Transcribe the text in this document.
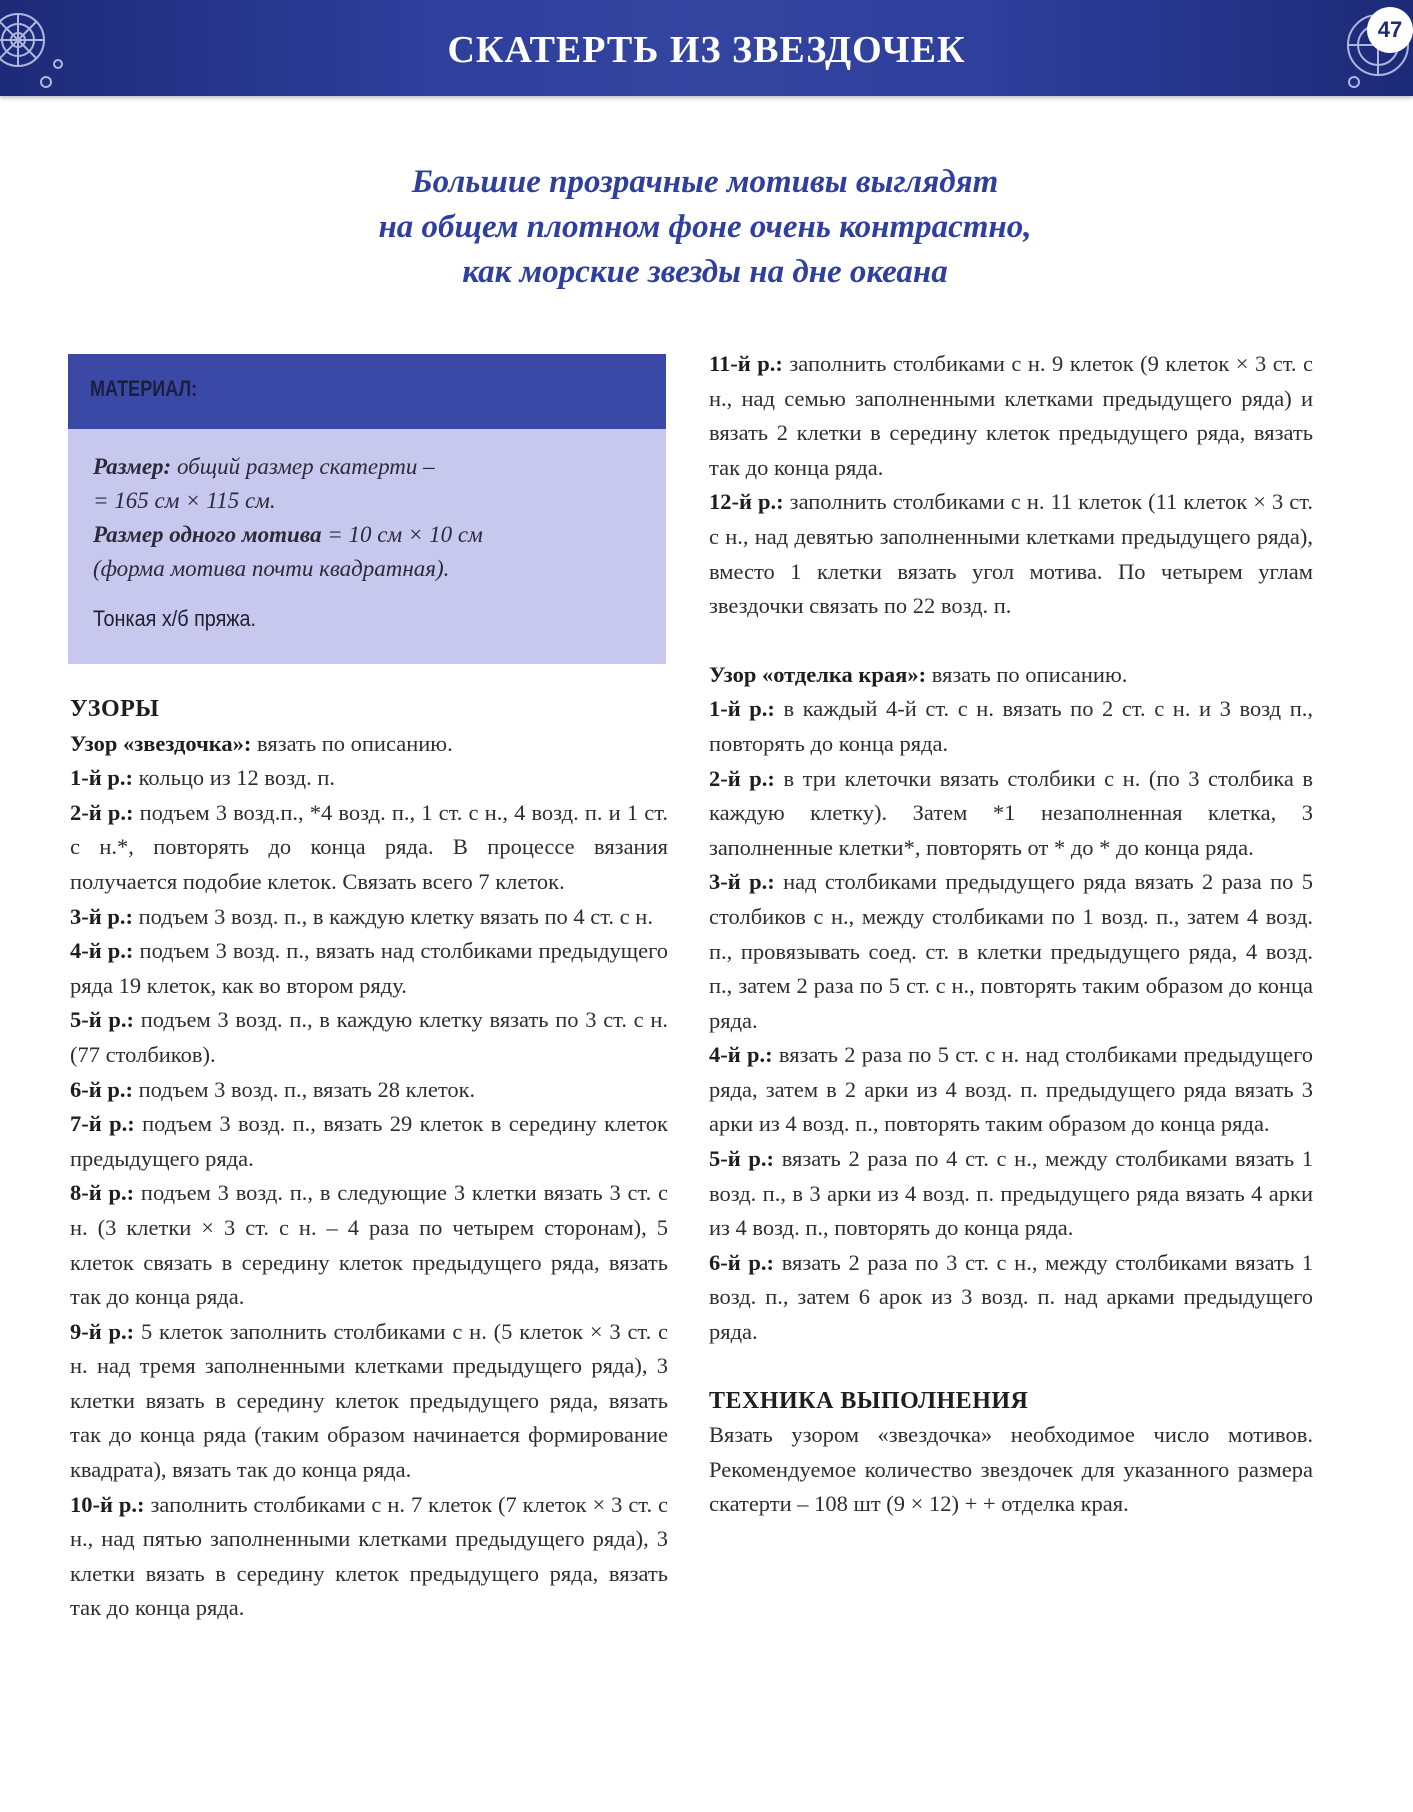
СКАТЕРТЬ ИЗ ЗВЕЗДОЧЕК	47
Большие прозрачные мотивы выглядят
на общем плотном фоне очень контрастно,
как морские звезды на дне океана
МАТЕРИАЛ:
Размер: общий размер скатерти –
= 165 см × 115 см.
Размер одного мотива = 10 см × 10 см
(форма мотива почти квадратная).
Тонкая х/б пряжа.

УЗОРЫ

Узор «звездочка»: вязать по описанию.

1-й р.: кольцо из 12 возд. п.

2-й р.: подъем 3 возд.п., *4 возд. п., 1 ст. с н., 4 возд. п. и 1 ст. с н.*, повторять до конца ряда. В процессе вязания получается подобие клеток. Связать всего 7 клеток.

3-й р.: подъем 3 возд. п., в каждую клетку вязать по 4 ст. с н.

4-й р.: подъем 3 возд. п., вязать над столбиками предыдущего ряда 19 клеток, как во втором ряду.

5-й р.: подъем 3 возд. п., в каждую клетку вязать по 3 ст. с н. (77 столбиков).

6-й р.: подъем 3 возд. п., вязать 28 клеток.

7-й р.: подъем 3 возд. п., вязать 29 клеток в середину клеток предыдущего ряда.

8-й р.: подъем 3 возд. п., в следующие 3 клетки вязать 3 ст. с н. (3 клетки × 3 ст. с н. – 4 раза по четырем сторонам), 5 клеток связать в середину клеток предыдущего ряда, вязать так до конца ряда.

9-й р.: 5 клеток заполнить столбиками с н. (5 клеток × 3 ст. с н. над тремя заполненными клетками предыдущего ряда), 3 клетки вязать в середину клеток предыдущего ряда, вязать так до конца ряда (таким образом начинается формирование квадрата), вязать так до конца ряда.

10-й р.: заполнить столбиками с н. 7 клеток (7 клеток × 3 ст. с н., над пятью заполненными клетками предыдущего ряда), 3 клетки вязать в середину клеток предыдущего ряда, вязать так до конца ряда.

11-й р.: заполнить столбиками с н. 9 клеток (9 клеток × 3 ст. с н., над семью заполненными клетками предыдущего ряда) и вязать 2 клетки в середину клеток предыдущего ряда, вязать так до конца ряда.

12-й р.: заполнить столбиками с н. 11 клеток (11 клеток × 3 ст. с н., над девятью заполненными клетками предыдущего ряда), вместо 1 клетки вязать угол мотива. По четырем углам звездочки связать по 22 возд. п.

Узор «отделка края»: вязать по описанию.

1-й р.: в каждый 4-й ст. с н. вязать по 2 ст. с н. и 3 возд п., повторять до конца ряда.

2-й р.: в три клеточки вязать столбики с н. (по 3 столбика в каждую клетку). Затем *1 незаполненная клетка, 3 заполненные клетки*, повторять от * до * до конца ряда.

3-й р.: над столбиками предыдущего ряда вязать 2 раза по 5 столбиков с н., между столбиками по 1 возд. п., затем 4 возд. п., провязывать соед. ст. в клетки предыдущего ряда, 4 возд. п., затем 2 раза по 5 ст. с н., повторять таким образом до конца ряда.

4-й р.: вязать 2 раза по 5 ст. с н. над столбиками предыдущего ряда, затем в 2 арки из 4 возд. п. предыдущего ряда вязать 3 арки из 4 возд. п., повторять таким образом до конца ряда.

5-й р.: вязать 2 раза по 4 ст. с н., между столбиками вязать 1 возд. п., в 3 арки из 4 возд. п. предыдущего ряда вязать 4 арки из 4 возд. п., повторять до конца ряда.

6-й р.: вязать 2 раза по 3 ст. с н., между столбиками вязать 1 возд. п., затем 6 арок из 3 возд. п. над арками предыдущего ряда.

ТЕХНИКА ВЫПОЛНЕНИЯ

Вязать узором «звездочка» необходимое число мотивов. Рекомендуемое количество звездочек для указанного размера скатерти – 108 шт (9 × 12) + + отделка края.
